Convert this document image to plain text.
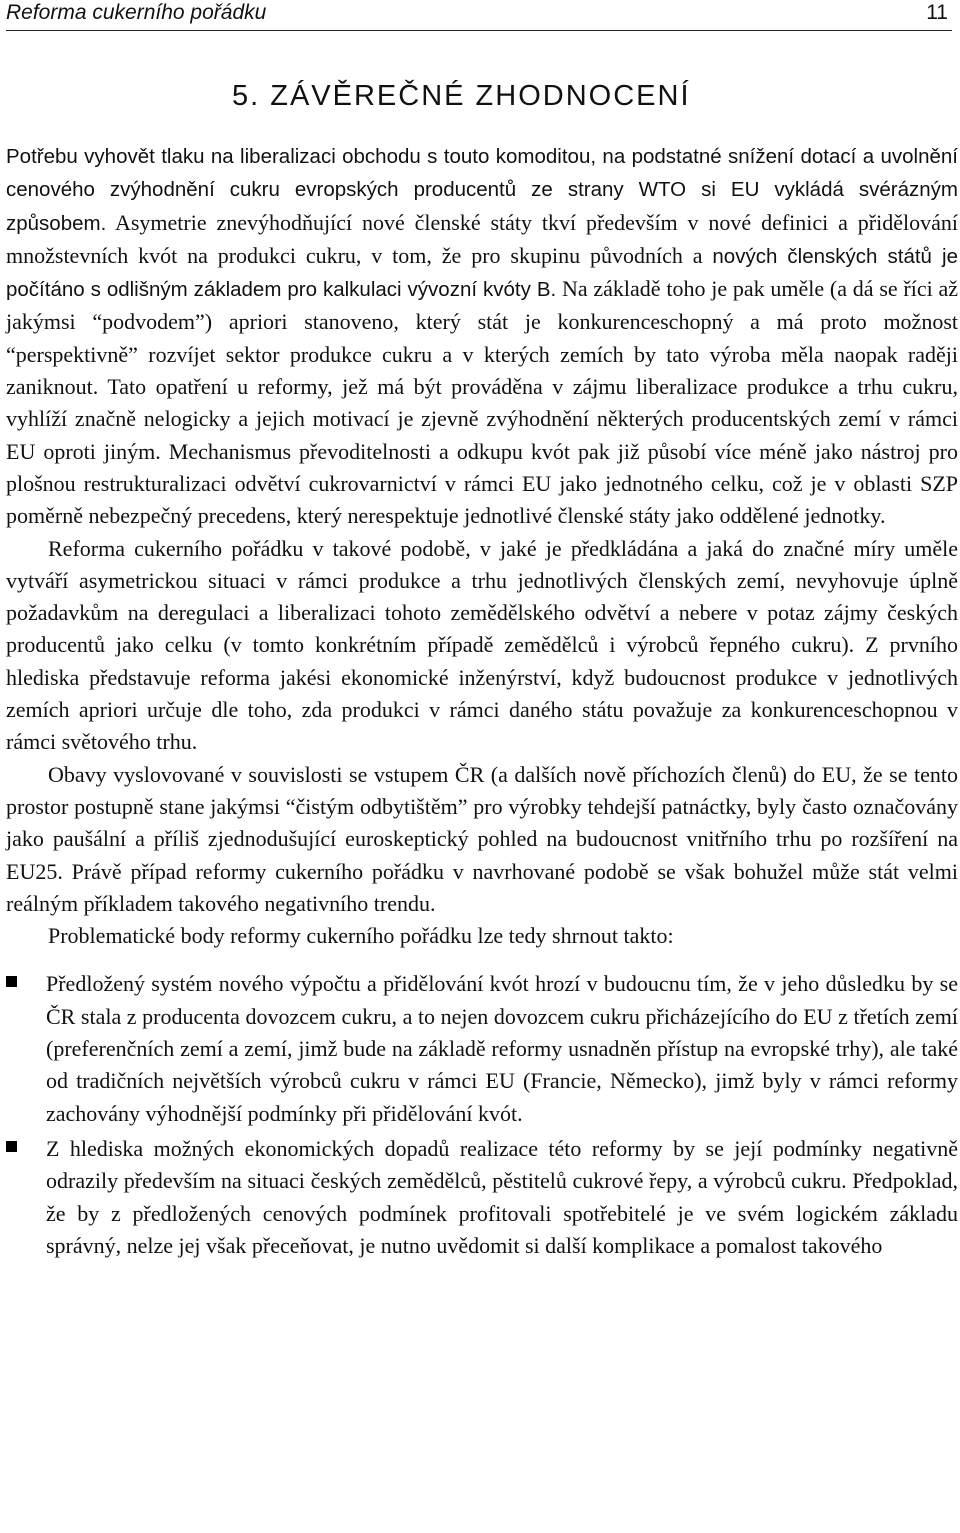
Reforma cukerního pořádku	11
5. ZÁVĚREČNÉ ZHODNOCENÍ

Potřebu vyhovět tlaku na liberalizaci obchodu s touto komoditou, na podstatné snížení dotací a uvolnění cenového zvýhodnění cukru evropských producentů ze strany WTO si EU vykládá svérázným způsobem. Asymetrie znevýhodňující nové členské státy tkví především v nové definici a přidělování množstevních kvót na produkci cukru, v tom, že pro skupinu původních a nových členských států je počítáno s odlišným základem pro kalkulaci vývozní kvóty B. Na základě toho je pak uměle (a dá se říci až jakýmsi “podvodem”) apriori stanoveno, který stát je konkurenceschopný a má proto možnost “perspektivně” rozvíjet sektor produkce cukru a v kterých zemích by tato výroba měla naopak raději zaniknout. Tato opatření u reformy, jež má být prováděna v zájmu liberalizace produkce a trhu cukru, vyhlíží značně nelogicky a jejich motivací je zjevně zvýhodnění některých producentských zemí v rámci EU oproti jiným. Mechanismus převoditelnosti a odkupu kvót pak již působí více méně jako nástroj pro plošnou restrukturalizaci odvětví cukrovarnictví v rámci EU jako jednotného celku, což je v oblasti SZP poměrně nebezpečný precedens, který nerespektuje jednotlivé členské státy jako oddělené jednotky.

Reforma cukerního pořádku v takové podobě, v jaké je předkládána a jaká do značné míry uměle vytváří asymetrickou situaci v rámci produkce a trhu jednotlivých členských zemí, nevyhovuje úplně požadavkům na deregulaci a liberalizaci tohoto zemědělského odvětví a nebere v potaz zájmy českých producentů jako celku (v tomto konkrétním případě zemědělců i výrobců řepného cukru). Z prvního hlediska představuje reforma jakési ekonomické inženýrství, když budoucnost produkce v jednotlivých zemích apriori určuje dle toho, zda produkci v rámci daného státu považuje za konkurenceschopnou v rámci světového trhu.

Obavy vyslovované v souvislosti se vstupem ČR (a dalších nově příchozích členů) do EU, že se tento prostor postupně stane jakýmsi “čistým odbytištěm” pro výrobky tehdejší patnáctky, byly často označovány jako paušální a příliš zjednodušující euroskeptický pohled na budoucnost vnitřního trhu po rozšíření na EU25. Právě případ reformy cukerního pořádku v navrhované podobě se však bohužel může stát velmi reálným příkladem takového negativního trendu.

Problematické body reformy cukerního pořádku lze tedy shrnout takto:

Předložený systém nového výpočtu a přidělování kvót hrozí v budoucnu tím, že v jeho důsledku by se ČR stala z producenta dovozcem cukru, a to nejen dovozcem cukru přicházejícího do EU z třetích zemí (preferenčních zemí a zemí, jimž bude na základě reformy usnadněn přístup na evropské trhy), ale také od tradičních největších výrobců cukru v rámci EU (Francie, Německo), jimž byly v rámci reformy zachovány výhodnější podmínky při přidělování kvót.
Z hlediska možných ekonomických dopadů realizace této reformy by se její podmínky negativně odrazily především na situaci českých zemědělců, pěstitelů cukrové řepy, a výrobců cukru. Předpoklad, že by z předložených cenových podmínek profitovali spotřebitelé je ve svém logickém základu správný, nelze jej však přeceňovat, je nutno uvědomit si další komplikace a pomalost takového
